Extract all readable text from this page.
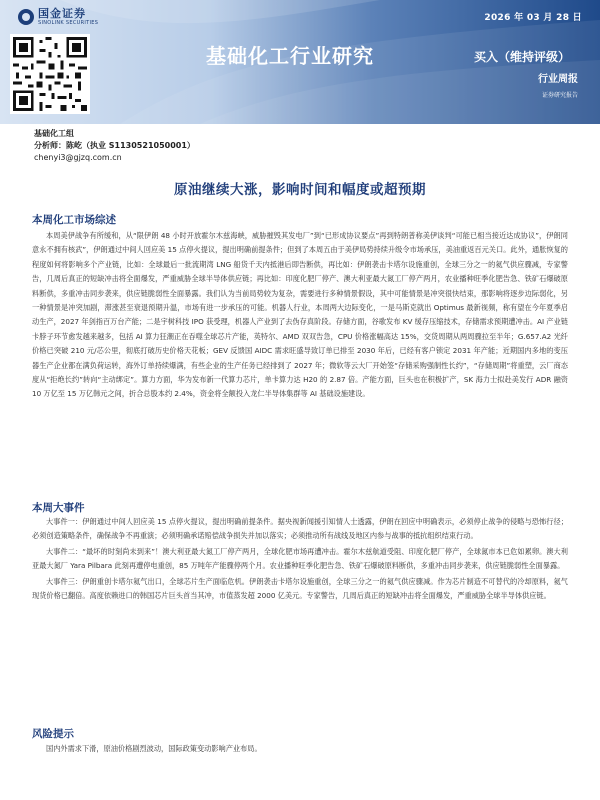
国金证券
SINOLINK SECURITIES	2026 年 03 月 28 日
基础化工行业研究	买入（维持评级）
行业周报
证券研究报告
基础化工组
分析师：陈屹（执业 S1130521050001）
chenyi3@gjzq.com.cn
原油继续大涨，影响时间和幅度或超预期
本周化工市场综述

本周美伊战争有所缓和，从“限伊朗 48 小时开放霍尔木兹海峡，威胁摧毁其发电厂”到“已形成协议要点”再到特朗普称美伊谈判“可能已相当接近达成协议”，伊朗同意永不拥有核武”，伊朗通过中间人回应美 15 点停火提议，提出明确前提条件；但到了本周五由于美伊局势持续升级令市场承压，美油重返百元关口。此外，通胀恢复的程度如何将影响多个产业链，比如：全球最后一批流期湾 LNG 船货千天内抵港后即告断供，再比如：伊朗袭击卡塔尔设施重创，全球三分之一的氦气供应骤减，专家警告，几周后真正的短缺冲击将全面爆发，严重威胁全球半导体供应链；再比如：印度化肥厂停产、澳大利亚最大氮工厂停产两月，农业播种旺季化肥告急、铁矿石爆破原料断供，多重冲击同步袭来，供应链脆弱性全面暴露。我们认为当前局势较为复杂，需要进行多种情景假设，其中可能情景是冲突很快结束，那影响将逐步边际弱化，另一种情景是冲突加剧，滞涨甚至衰退预期升温，市场有进一步承压的可能。机器人行业，本周两大边际变化，一是马斯克就出 Optimus 最新视频，称有望在今年夏季启动生产，2027 年剑指百万台产能；二是宇树科技 IPO 获受理，机器人产业到了去伪存真阶段。存储方面，谷歌发布 KV 缓存压缩技术，存储需求预期遭冲击。AI 产业链卡脖子环节愈发越来越多，包括 AI 算力狂潮正在吞噬全球芯片产能，英特尔、AMD 双双告急，CPU 价格涨幅高达 15%，交货周期从两周骤拉至半年；G.657.A2 光纤价格已突破 210 元/芯公里，彻底打破历史价格天花板；GEV 反馈国 AIDC 需求旺盛导致订单已排至 2030 年后，已经有客户锁定 2031 年产能；近期国内多地的变压器生产企业都在满负荷运转，海外订单持续爆满，有些企业的生产任务已经排到了 2027 年；微软等云大厂开始签“存储采购强制性长约”，“存储周期”将重塑，云厂商态度从“拒绝长约”转向“主动绑定”。算力方面，华为发布新一代算力芯片，单卡算力达 H20 的 2.87 倍。产能方面，巨头也在积极扩产，SK 海力士拟赴美发行 ADR 融资 10 万亿至 15 万亿韩元之间，折合总股本约 2.4%，资金将全额投入龙仁半导体集群等 AI 基础设施建设。

本周大事件

大事件一：伊朗通过中间人回应美 15 点停火提议，提出明确前提条件。据央视新闻援引知情人士透露，伊朗在回应中明确表示，必须停止战争的侵略与恐怖行径；必须创造策略条件，确保战争不再重演；必须明确承诺赔偿战争损失并加以落实；必须推动所有战线及地区内参与战事的抵抗组织结束行动。

大事件二：“最坏的时刻尚未到来”！澳大利亚最大氮工厂停产两月，全球化肥市场再遭冲击。霍尔木兹航道受阻、印度化肥厂停产，全球氮市本已危如累卵。澳大利亚最大氮厂 Yara Pilbara 此刻再遭停电重创，85 万吨年产能骤停两个月。农业播种旺季化肥告急、铁矿石爆破原料断供，多重冲击同步袭来，供应链脆弱性全面暴露。

大事件三：伊朗重创卡塔尔氦气出口，全球芯片生产面临危机。伊朗袭击卡塔尔设施重创，全球三分之一的氦气供应骤减。作为芯片制造不可替代的冷却原料，氦气现货价格已翻倍。高度依赖进口的韩国芯片巨头首当其冲，市值蒸发超 2000 亿美元。专家警告，几周后真正的短缺冲击将全面爆发，严重威胁全球半导体供应链。

风险提示

国内外需求下滑，原油价格剧烈波动，国际政策变动影响产业布局。
